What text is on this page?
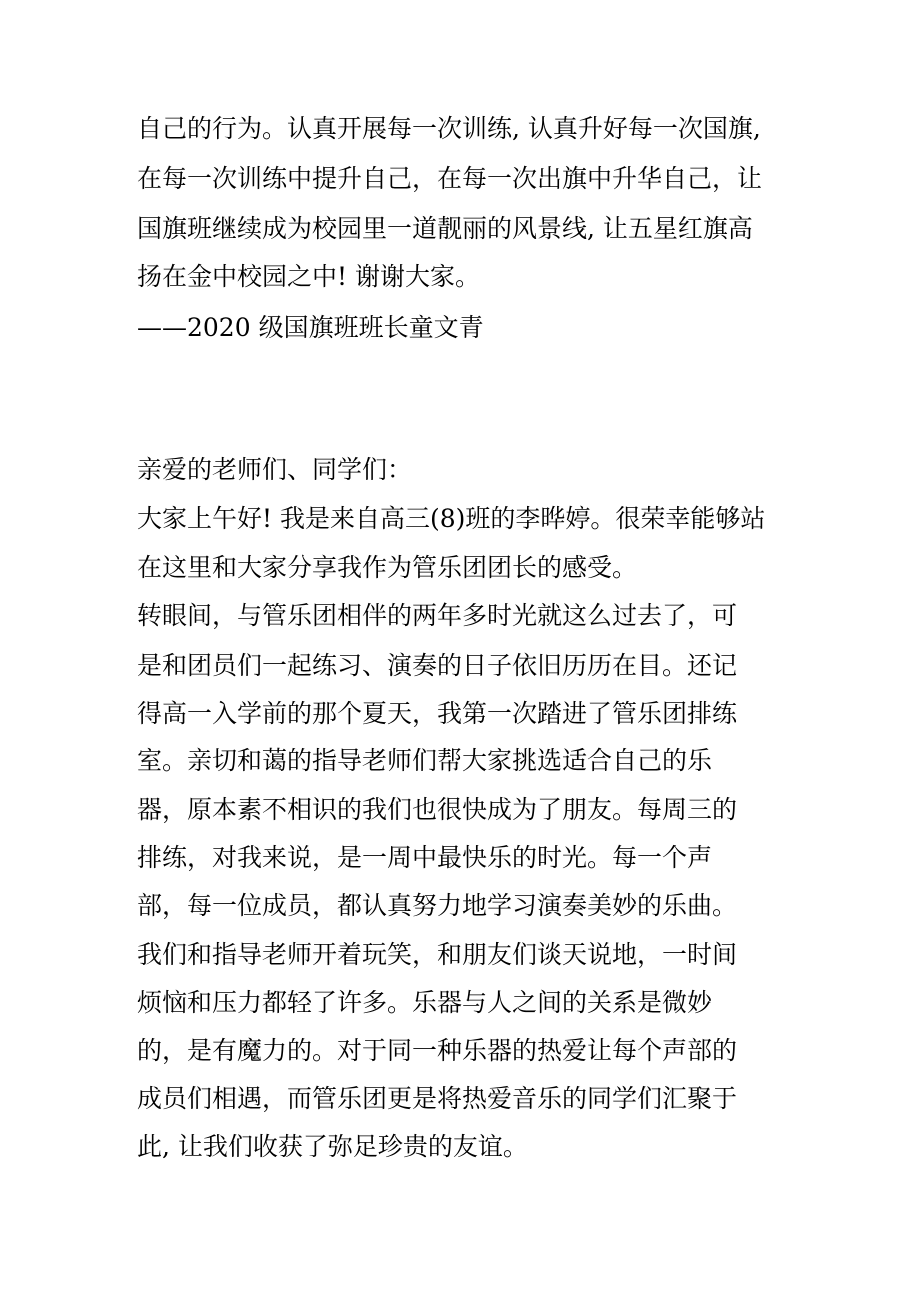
自己的行为。认真开展每一次训练, 认真升好每一次国旗,
在每一次训练中提升自己，在每一次出旗中升华自己，让
国旗班继续成为校园里一道靓丽的风景线, 让五星红旗高
扬在金中校园之中! 谢谢大家。
——2020 级国旗班班长童文青
亲爱的老师们、同学们：
大家上午好! 我是来自高三(8)班的李晔婷。很荣幸能够站
在这里和大家分享我作为管乐团团长的感受。
转眼间，与管乐团相伴的两年多时光就这么过去了，可
是和团员们一起练习、演奏的日子依旧历历在目。还记
得高一入学前的那个夏天，我第一次踏进了管乐团排练
室。亲切和蔼的指导老师们帮大家挑选适合自己的乐
器，原本素不相识的我们也很快成为了朋友。每周三的
排练，对我来说，是一周中最快乐的时光。每一个声
部，每一位成员，都认真努力地学习演奏美妙的乐曲。
我们和指导老师开着玩笑，和朋友们谈天说地，一时间
烦恼和压力都轻了许多。乐器与人之间的关系是微妙
的，是有魔力的。对于同一种乐器的热爱让每个声部的
成员们相遇，而管乐团更是将热爱音乐的同学们汇聚于
此, 让我们收获了弥足珍贵的友谊。
